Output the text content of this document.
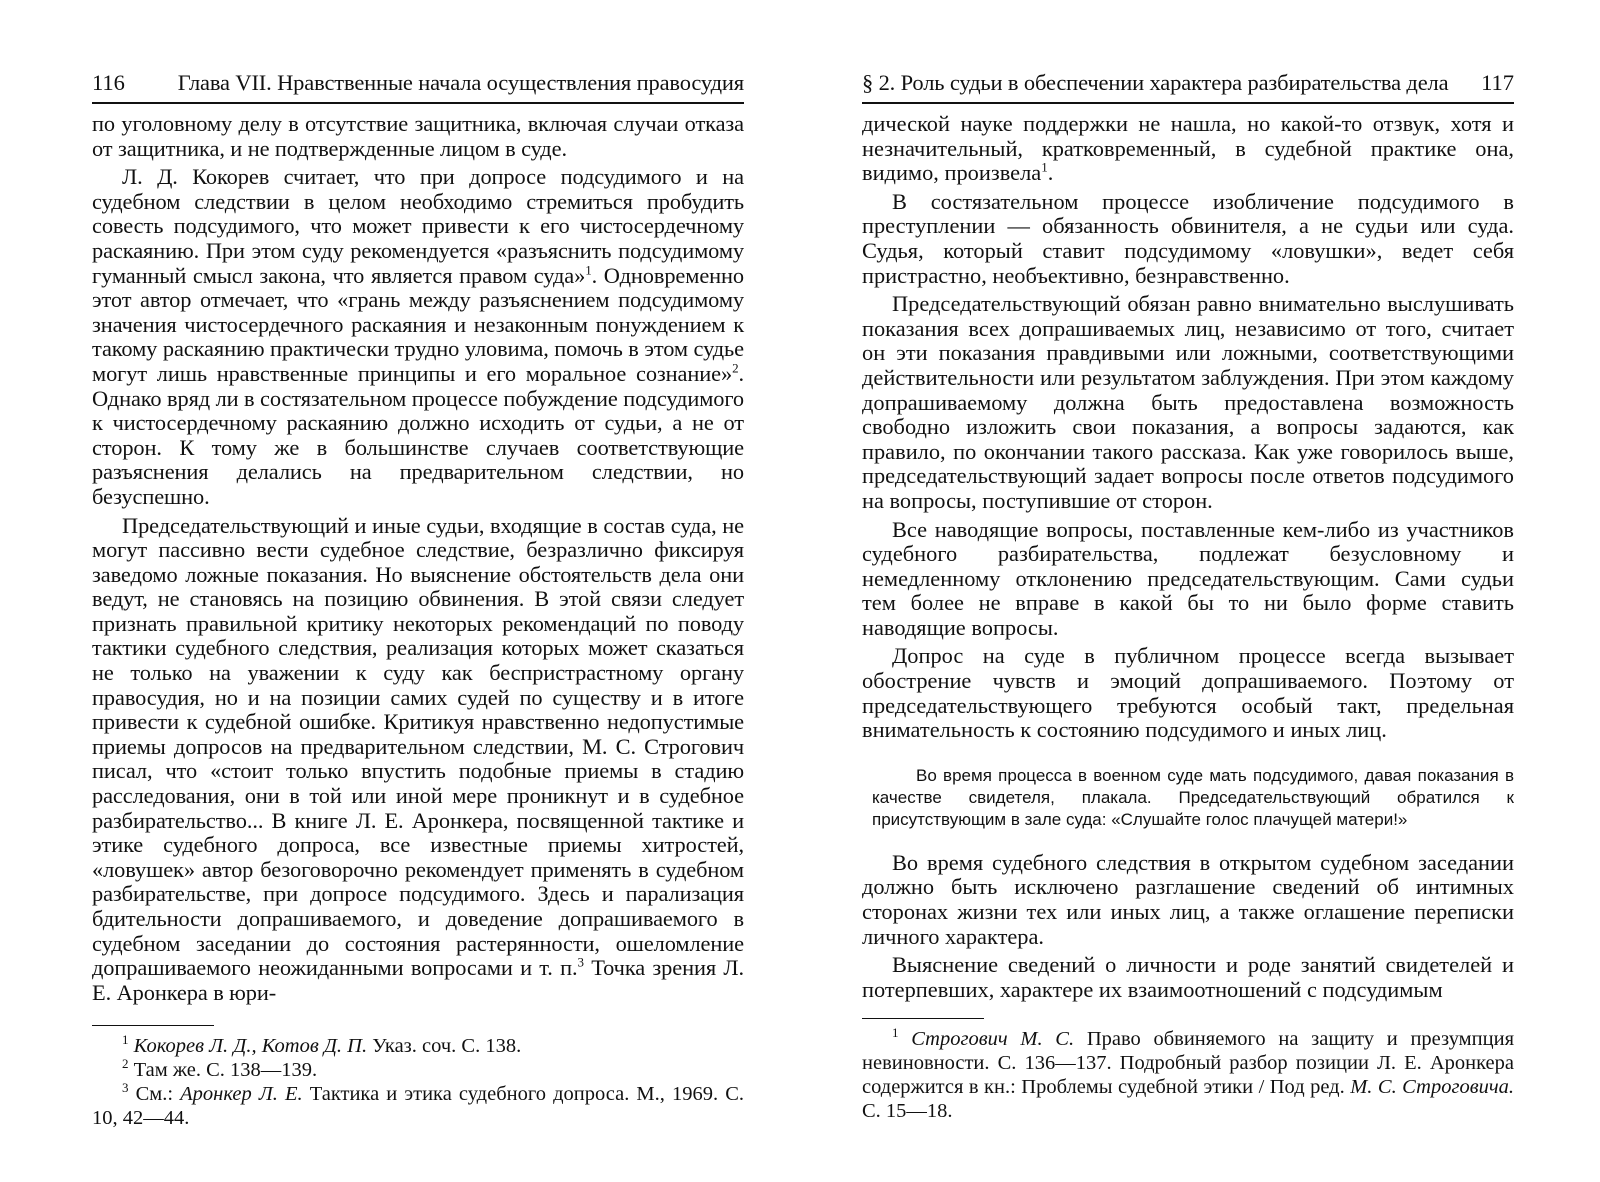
116 Глава VII. Нравственные начала осуществления правосудия

по уголовному делу в отсутствие защитника, включая случаи отказа от защитника, и не подтвержденные лицом в суде.

Л. Д. Кокорев считает, что при допросе подсудимого и на судебном следствии в целом необходимо стремиться пробудить совесть подсудимого, что может привести к его чистосердечному раскаянию. При этом суду рекомендуется «разъяснить подсудимому гуманный смысл закона, что является правом суда»$^1$. Одновременно этот автор отмечает, что «грань между разъяснением подсудимому значения чистосердечного раскаяния и незаконным понуждением к такому раскаянию практически трудно уловима, помочь в этом судье могут лишь нравственные принципы и его моральное сознание»$^2$. Однако вряд ли в состязательном процессе побуждение подсудимого к чистосердечному раскаянию должно исходить от судьи, а не от сторон. К тому же в большинстве случаев соответствующие разъяснения делались на предварительном следствии, но безуспешно.

Председательствующий и иные судьи, входящие в состав суда, не могут пассивно вести судебное следствие, безразлично фиксируя заведомо ложные показания. Но выяснение обстоятельств дела они ведут, не становясь на позицию обвинения. В этой связи следует признать правильной критику некоторых рекомендаций по поводу тактики судебного следствия, реализация которых может сказаться не только на уважении к суду как беспристрастному органу правосудия, но и на позиции самих судей по существу и в итоге привести к судебной ошибке. Критикуя нравственно недопустимые приемы допросов на предварительном следствии, М. С. Строгович писал, что «стоит только впустить подобные приемы в стадию расследования, они в той или иной мере проникнут и в судебное разбирательство... В книге Л. Е. Аронкера, посвященной тактике и этике судебного допроса, все известные приемы хитростей, «ловушек» автор безоговорочно рекомендует применять в судебном разбирательстве, при допросе подсудимого. Здесь и парализация бдительности допрашиваемого, и доведение допрашиваемого в судебном заседании до состояния растерянности, ошеломление допрашиваемого неожиданными вопросами и т. п.$^3$ Точка зрения Л. Е. Аронкера в юри-

$^1$ Кокорев Л. Д., Котов Д. П. Указ. соч. С. 138.

$^2$ Там же. С. 138—139.

$^3$ См.: Аронкер Л. Е. Тактика и этика судебного допроса. М., 1969. С. 10, 42—44.

§ 2. Роль судьи в обеспечении характера разбирательства дела 117

дической науке поддержки не нашла, но какой-то отзвук, хотя и незначительный, кратковременный, в судебной практике она, видимо, произвела$^1$.

В состязательном процессе изобличение подсудимого в преступлении — обязанность обвинителя, а не судьи или суда. Судья, который ставит подсудимому «ловушки», ведет себя пристрастно, необъективно, безнравственно.

Председательствующий обязан равно внимательно выслушивать показания всех допрашиваемых лиц, независимо от того, считает он эти показания правдивыми или ложными, соответствующими действительности или результатом заблуждения. При этом каждому допрашиваемому должна быть предоставлена возможность свободно изложить свои показания, а вопросы задаются, как правило, по окончании такого рассказа. Как уже говорилось выше, председательствующий задает вопросы после ответов подсудимого на вопросы, поступившие от сторон.

Все наводящие вопросы, поставленные кем-либо из участников судебного разбирательства, подлежат безусловному и немедленному отклонению председательствующим. Сами судьи тем более не вправе в какой бы то ни было форме ставить наводящие вопросы.

Допрос на суде в публичном процессе всегда вызывает обострение чувств и эмоций допрашиваемого. Поэтому от председательствующего требуются особый такт, предельная внимательность к состоянию подсудимого и иных лиц.

Во время процесса в военном суде мать подсудимого, давая показания в качестве свидетеля, плакала. Председательствующий обратился к присутствующим в зале суда: «Слушайте голос плачущей матери!»

Во время судебного следствия в открытом судебном заседании должно быть исключено разглашение сведений об интимных сторонах жизни тех или иных лиц, а также оглашение переписки личного характера.

Выяснение сведений о личности и роде занятий свидетелей и потерпевших, характере их взаимоотношений с подсудимым

$^1$ Строгович М. С. Право обвиняемого на защиту и презумпция невиновности. С. 136—137. Подробный разбор позиции Л. Е. Аронкера содержится в кн.: Проблемы судебной этики / Под ред. М. С. Строговича. С. 15—18.
